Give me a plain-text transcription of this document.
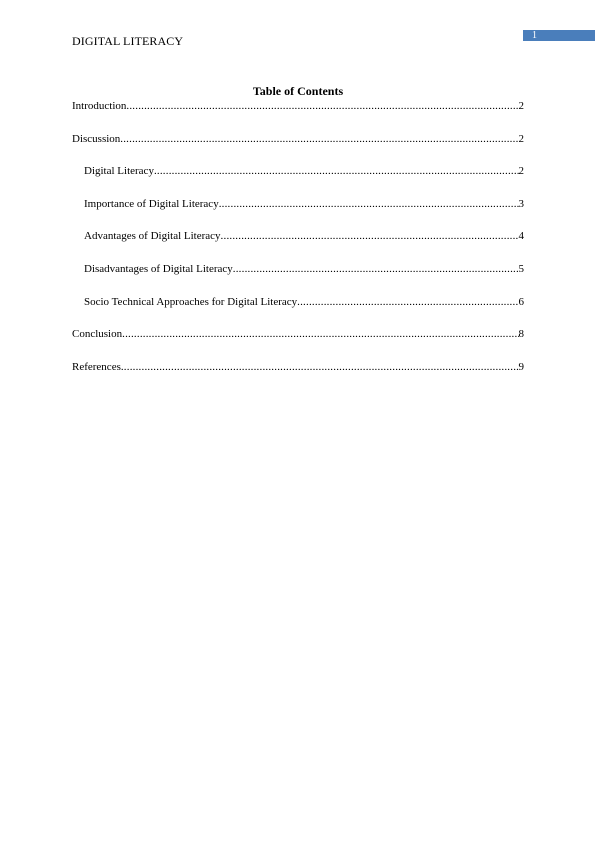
DIGITAL LITERACY	1
Table of Contents
Introduction .....	2
Discussion .....	2
Digital Literacy .....	2
Importance of Digital Literacy .....	3
Advantages of Digital Literacy .....	4
Disadvantages of Digital Literacy .....	5
Socio Technical Approaches for Digital Literacy .....	6
Conclusion .....	8
References .....	9
